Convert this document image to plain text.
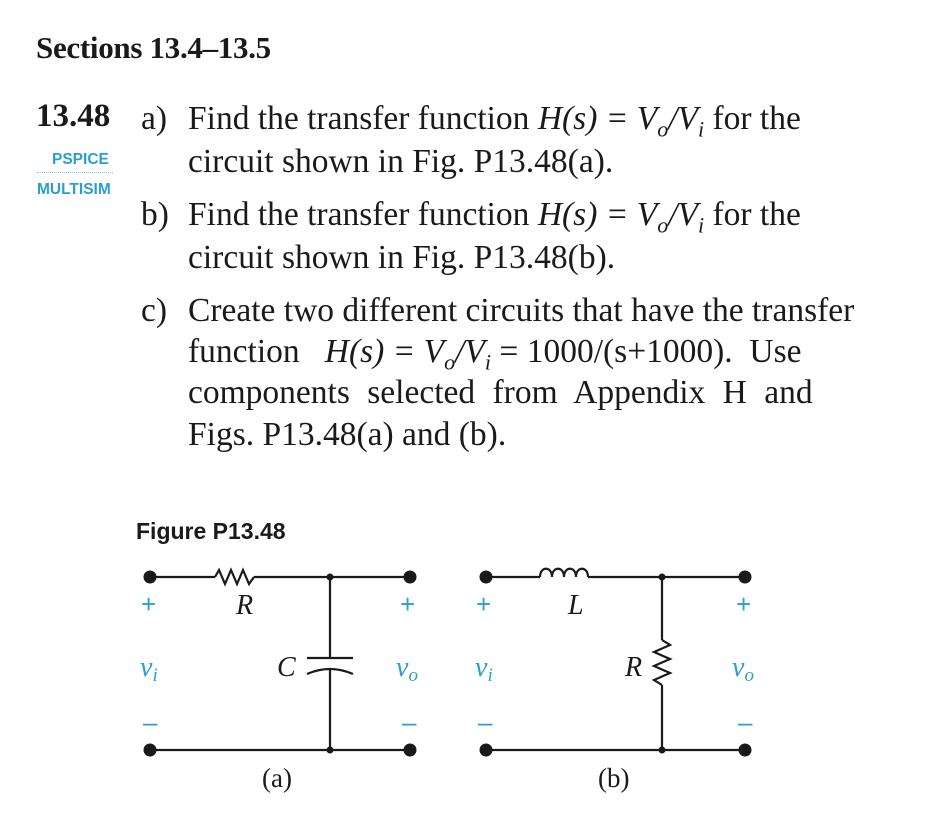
Sections 13.4–13.5
13.48
PSPICE
MULTISIM
a) Find the transfer function $H(s) = V_o/V_i$ for the
circuit shown in Fig. P13.48(a).
b) Find the transfer function $H(s) = V_o/V_i$ for the
circuit shown in Fig. P13.48(b).
c) Create two different circuits that have the transfer
function $H(s) = V_o/V_i = 1000/(s+1000)$. Use
components selected from Appendix H and
Figs. P13.48(a) and (b).
Figure P13.48
R
C
+
–
+
–
vi	vo
(a)
L
R
+
–
+
–
vi	vo
(b)
